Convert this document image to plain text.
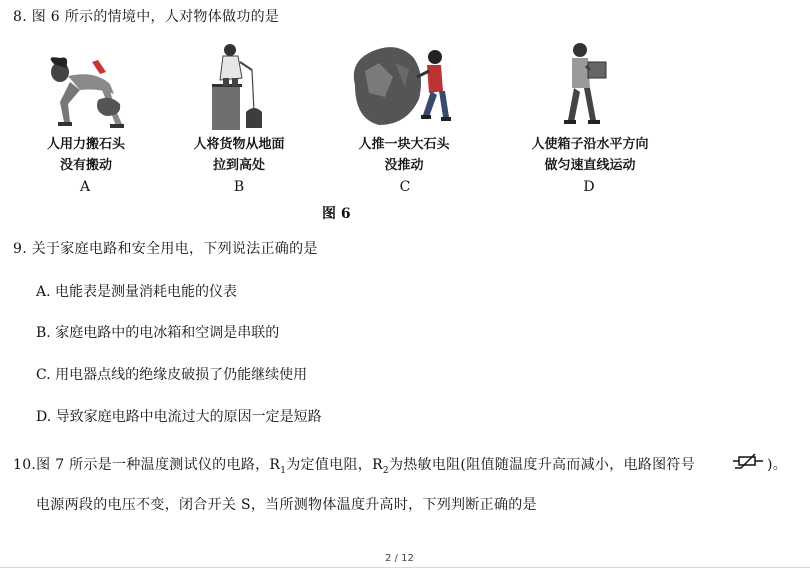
8. 图 6 所示的情境中，人对物体做功的是
人用力搬石头
没有搬动
A
人将货物从地面
拉到高处
B
人推一块大石头
没推动
C
人使箱子沿水平方向
做匀速直线运动
D
图 6
9. 关于家庭电路和安全用电，下列说法正确的是
A. 电能表是测量消耗电能的仪表
B. 家庭电路中的电冰箱和空调是串联的
C. 用电器点线的绝缘皮破损了仍能继续使用
D. 导致家庭电路中电流过大的原因一定是短路
10.图 7 所示是一种温度测试仪的电路，$R_1$为定值电阻，$R_2$为热敏电阻(阻值随温度升高而减小，电路图符号	)。
电源两段的电压不变，闭合开关 S，当所测物体温度升高时，下列判断正确的是
2 / 12
